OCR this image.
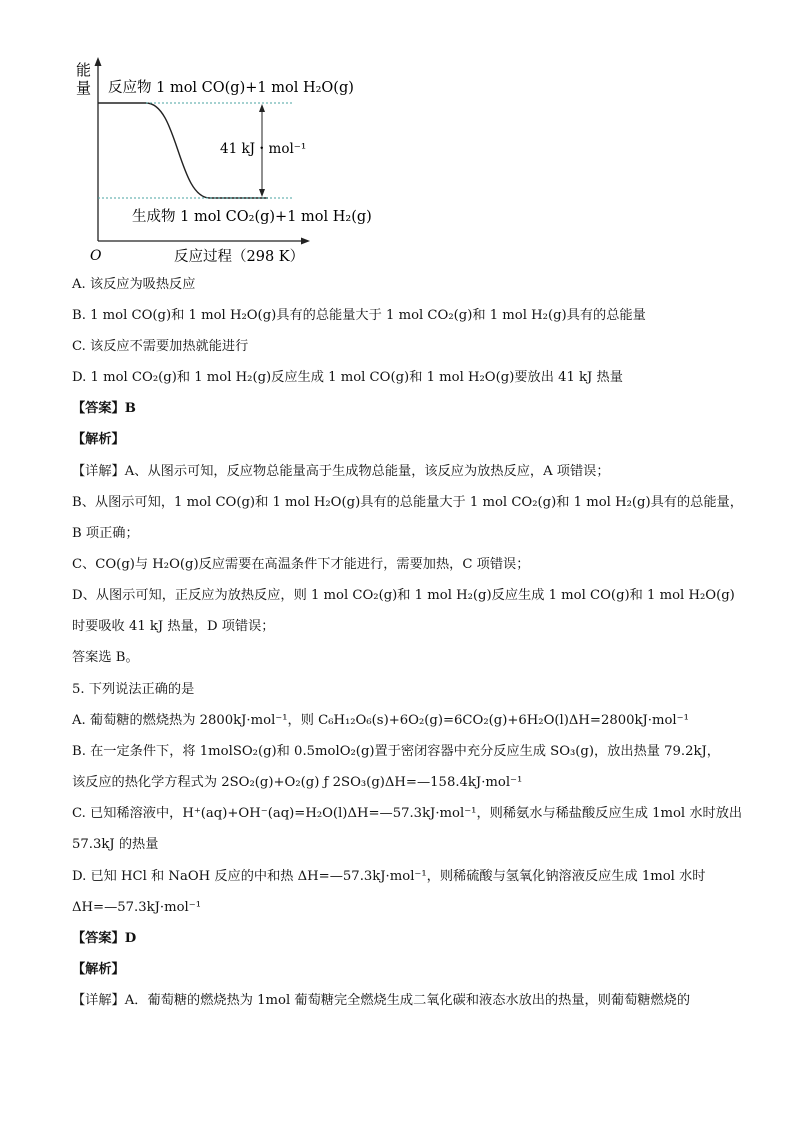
能
量
O
反应物 1 mol CO(g)+1 mol H₂O(g)
41 kJ・mol⁻¹
生成物 1 mol CO₂(g)+1 mol H₂(g)
反应过程（298 K）
A. 该反应为吸热反应
B. 1 mol CO(g)和 1 mol H₂O(g)具有的总能量大于 1 mol CO₂(g)和 1 mol H₂(g)具有的总能量
C. 该反应不需要加热就能进行
D. 1 mol CO₂(g)和 1 mol H₂(g)反应生成 1 mol CO(g)和 1 mol H₂O(g)要放出 41 kJ 热量
【答案】B
【解析】
【详解】A、从图示可知，反应物总能量高于生成物总能量，该反应为放热反应，A 项错误；
B、从图示可知，1 mol CO(g)和 1 mol H₂O(g)具有的总能量大于 1 mol CO₂(g)和 1 mol H₂(g)具有的总能量，
B 项正确；
C、CO(g)与 H₂O(g)反应需要在高温条件下才能进行，需要加热，C 项错误；
D、从图示可知，正反应为放热反应，则 1 mol CO₂(g)和 1 mol H₂(g)反应生成 1 mol CO(g)和 1 mol H₂O(g)
时要吸收 41 kJ 热量，D 项错误；
答案选 B。
5. 下列说法正确的是
A. 葡萄糖的燃烧热为 2800kJ·mol⁻¹，则 C₆H₁₂O₆(s)+6O₂(g)=6CO₂(g)+6H₂O(l)ΔH=2800kJ·mol⁻¹
B. 在一定条件下，将 1molSO₂(g)和 0.5molO₂(g)置于密闭容器中充分反应生成 SO₃(g)，放出热量 79.2kJ，
该反应的热化学方程式为 2SO₂(g)+O₂(g) ƒ 2SO₃(g)ΔH=—158.4kJ·mol⁻¹
C. 已知稀溶液中，H⁺(aq)+OH⁻(aq)=H₂O(l)ΔH=—57.3kJ·mol⁻¹，则稀氨水与稀盐酸反应生成 1mol 水时放出
57.3kJ 的热量
D. 已知 HCl 和 NaOH 反应的中和热 ΔH=—57.3kJ·mol⁻¹，则稀硫酸与氢氧化钠溶液反应生成 1mol 水时
ΔH=—57.3kJ·mol⁻¹
【答案】D
【解析】
【详解】A．葡萄糖的燃烧热为 1mol 葡萄糖完全燃烧生成二氧化碳和液态水放出的热量，则葡萄糖燃烧的
